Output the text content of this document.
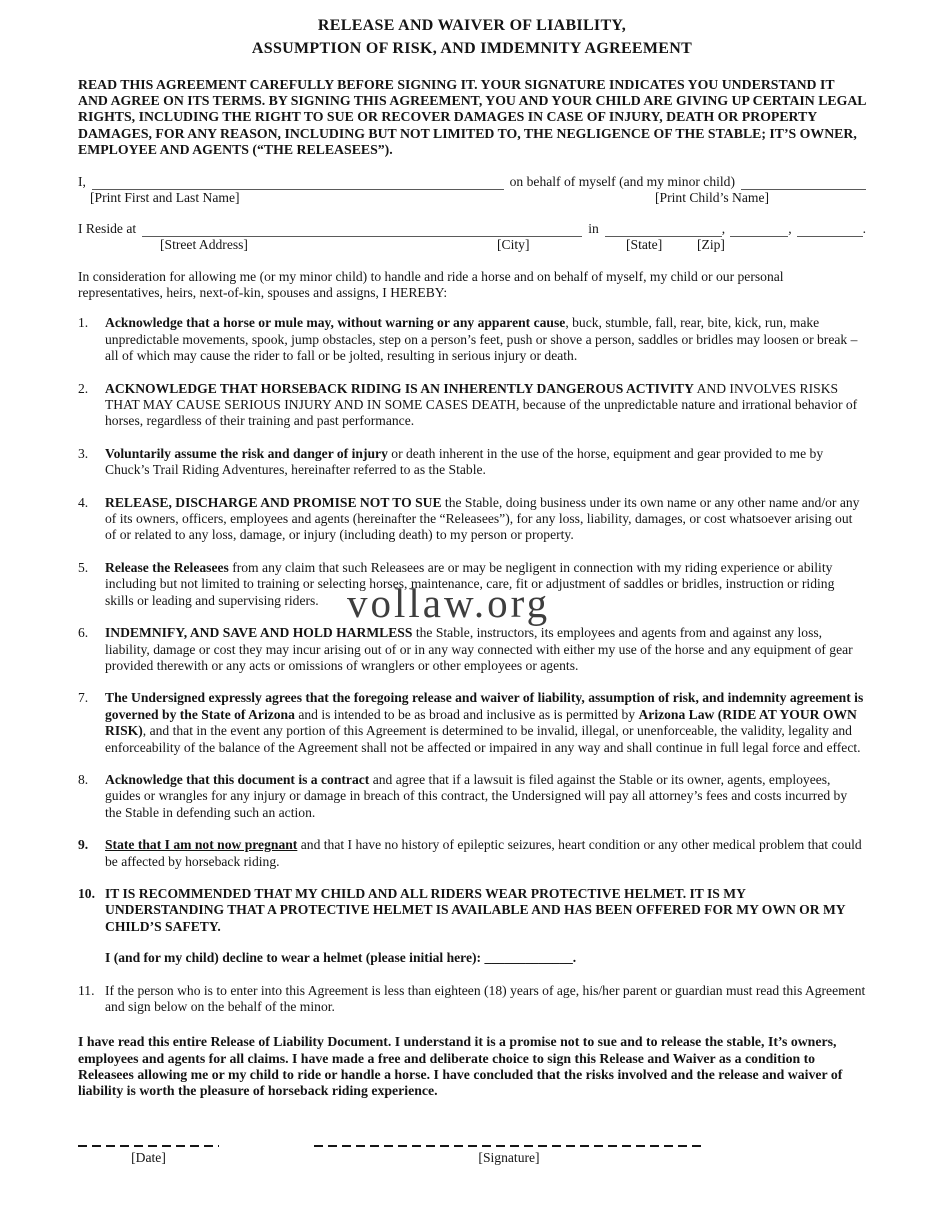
RELEASE AND WAIVER OF LIABILITY,
ASSUMPTION OF RISK, AND IMDEMNITY AGREEMENT
READ THIS AGREEMENT CAREFULLY BEFORE SIGNING IT. YOUR SIGNATURE INDICATES YOU UNDERSTAND IT AND AGREE ON ITS TERMS. BY SIGNING THIS AGREEMENT, YOU AND YOUR CHILD ARE GIVING UP CERTAIN LEGAL RIGHTS, INCLUDING THE RIGHT TO SUE OR RECOVER DAMAGES IN CASE OF INJURY, DEATH OR PROPERTY DAMAGES, FOR ANY REASON, INCLUDING BUT NOT LIMITED TO, THE NEGLIGENCE OF THE STABLE; IT’S OWNER, EMPLOYEE AND AGENTS (“THE RELEASEES”).
I,	on behalf of myself (and my minor child)
[Print First and Last Name]	[Print Child’s Name]
I Reside at	in	,	,	.
[Street Address]	[City]	[State]	[Zip]
In consideration for allowing me (or my minor child) to handle and ride a horse and on behalf of myself, my child or our personal representatives, heirs, next-of-kin, spouses and assigns, I HEREBY:
1.	Acknowledge that a horse or mule may, without warning or any apparent cause, buck, stumble, fall, rear, bite, kick, run, make unpredictable movements, spook, jump obstacles, step on a person’s feet, push or shove a person, saddles or bridles may loosen or break – all of which may cause the rider to fall or be jolted, resulting in serious injury or death.
2.	ACKNOWLEDGE THAT HORSEBACK RIDING IS AN INHERENTLY DANGEROUS ACTIVITY AND INVOLVES RISKS THAT MAY CAUSE SERIOUS INJURY AND IN SOME CASES DEATH, because of the unpredictable nature and irrational behavior of horses, regardless of their training and past performance.
3.	Voluntarily assume the risk and danger of injury or death inherent in the use of the horse, equipment and gear provided to me by Chuck’s Trail Riding Adventures, hereinafter referred to as the Stable.
4.	RELEASE, DISCHARGE AND PROMISE NOT TO SUE the Stable, doing business under its own name or any other name and/or any of its owners, officers, employees and agents (hereinafter the “Releasees”), for any loss, liability, damages, or cost whatsoever arising out of or related to any loss, damage, or injury (including death) to my person or property.
5.	Release the Releasees from any claim that such Releasees are or may be negligent in connection with my riding experience or ability including but not limited to training or selecting horses, maintenance, care, fit or adjustment of saddles or bridles, instruction or riding skills or leading and supervising riders.
6.	INDEMNIFY, AND SAVE AND HOLD HARMLESS the Stable, instructors, its employees and agents from and against any loss, liability, damage or cost they may incur arising out of or in any way connected with either my use of the horse and any equipment of gear provided therewith or any acts or omissions of wranglers or other employees or agents.
7.	The Undersigned expressly agrees that the foregoing release and waiver of liability, assumption of risk, and indemnity agreement is governed by the State of Arizona and is intended to be as broad and inclusive as is permitted by Arizona Law (RIDE AT YOUR OWN RISK), and that in the event any portion of this Agreement is determined to be invalid, illegal, or unenforceable, the validity, legality and enforceability of the balance of the Agreement shall not be affected or impaired in any way and shall continue in full legal force and effect.
8.	Acknowledge that this document is a contract and agree that if a lawsuit is filed against the Stable or its owner, agents, employees, guides or wrangles for any injury or damage in breach of this contract, the Undersigned will pay all attorney’s fees and costs incurred by the Stable in defending such an action.
9.	State that I am not now pregnant and that I have no history of epileptic seizures, heart condition or any other medical problem that could be affected by horseback riding.
10. IT IS RECOMMENDED THAT MY CHILD AND ALL RIDERS WEAR PROTECTIVE HELMET. IT IS MY UNDERSTANDING THAT A PROTECTIVE HELMET IS AVAILABLE AND HAS BEEN OFFERED FOR MY OWN OR MY CHILD’S SAFETY.
I (and for my child) decline to wear a helmet (please initial here): _____________.
11. If the person who is to enter into this Agreement is less than eighteen (18) years of age, his/her parent or guardian must read this Agreement and sign below on the behalf of the minor.
I have read this entire Release of Liability Document. I understand it is a promise not to sue and to release the stable, It’s owners, employees and agents for all claims. I have made a free and deliberate choice to sign this Release and Waiver as a condition to Releasees allowing me or my child to ride or handle a horse. I have concluded that the risks involved and the release and waiver of liability is worth the pleasure of horseback riding experience.
[Date]	[Signature]
vollaw.org
